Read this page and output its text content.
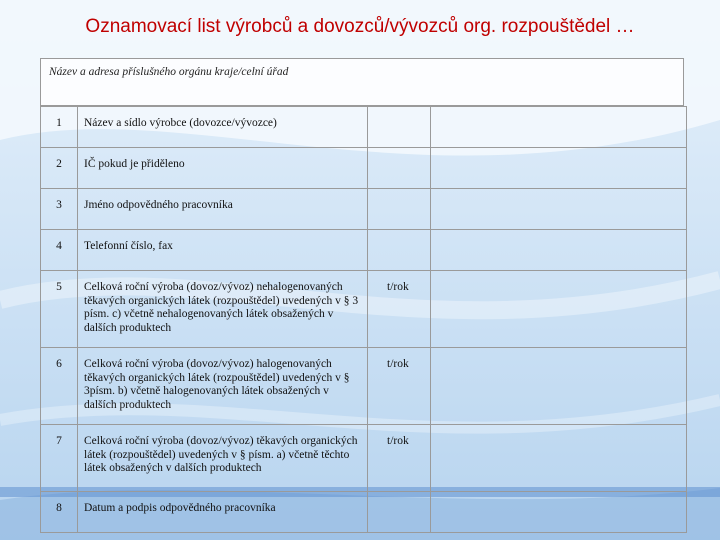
Oznamovací list výrobců a dovozců/vývozců org. rozpouštědel …
Název a adresa příslušného orgánu kraje/celní úřad
1	Název a sídlo výrobce (dovozce/vývozce)		
2	IČ pokud je přiděleno		
3	Jméno odpovědného pracovníka		
4	Telefonní číslo, fax		
5	Celková roční výroba (dovoz/vývoz) nehalogenovaných těkavých organických látek (rozpouštědel) uvedených v § 3 písm. c) včetně nehalogenovaných látek obsažených v dalších produktech	t/rok	
6	Celková roční výroba (dovoz/vývoz) halogenovaných těkavých organických látek (rozpouštědel) uvedených v § 3písm. b) včetně halogenovaných látek obsažených v dalších produktech	t/rok	
7	Celková roční výroba (dovoz/vývoz) těkavých organických látek (rozpouštědel) uvedených v § písm. a) včetně těchto látek obsažených v dalších produktech	t/rok	
8	Datum a podpis odpovědného pracovníka		
